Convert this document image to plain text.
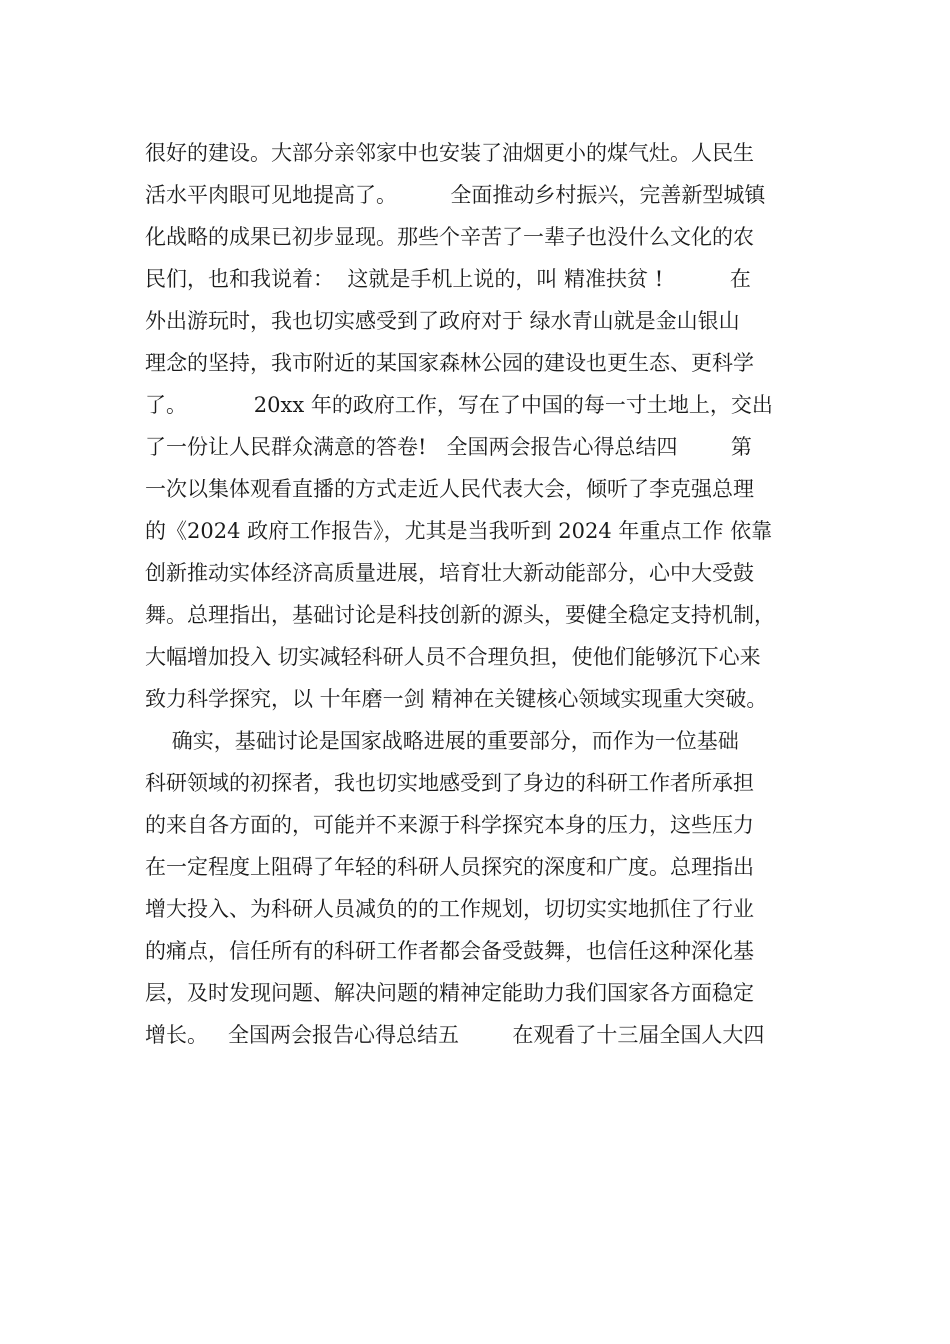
很好的建设。大部分亲邻家中也安装了油烟更小的煤气灶。人民生
活水平肉眼可见地提高了。        全面推动乡村振兴，完善新型城镇
化战略的成果已初步显现。那些个辛苦了一辈子也没什么文化的农
民们，也和我说着：  这就是手机上说的，叫 精准扶贫 !          在
外出游玩时，我也切实感受到了政府对于 绿水青山就是金山银山
理念的坚持，我市附近的某国家森林公园的建设也更生态、更科学
了。          20xx 年的政府工作，写在了中国的每一寸土地上，交出
了一份让人民群众满意的答卷!   全国两会报告心得总结四        第
一次以集体观看直播的方式走近人民代表大会，倾听了李克强总理
的《2024 政府工作报告》，尤其是当我听到 2024 年重点工作 依靠
创新推动实体经济高质量进展，培育壮大新动能部分，心中大受鼓
舞。总理指出，基础讨论是科技创新的源头，要健全稳定支持机制，
大幅增加投入 切实减轻科研人员不合理负担，使他们能够沉下心来
致力科学探究，以 十年磨一剑 精神在关键核心领域实现重大突破。
确实，基础讨论是国家战略进展的重要部分，而作为一位基础
科研领域的初探者，我也切实地感受到了身边的科研工作者所承担
的来自各方面的，可能并不来源于科学探究本身的压力，这些压力
在一定程度上阻碍了年轻的科研人员探究的深度和广度。总理指出
增大投入、为科研人员减负的的工作规划，切切实实地抓住了行业
的痛点，信任所有的科研工作者都会备受鼓舞，也信任这种深化基
层，及时发现问题、解决问题的精神定能助力我们国家各方面稳定
增长。   全国两会报告心得总结五        在观看了十三届全国人大四
